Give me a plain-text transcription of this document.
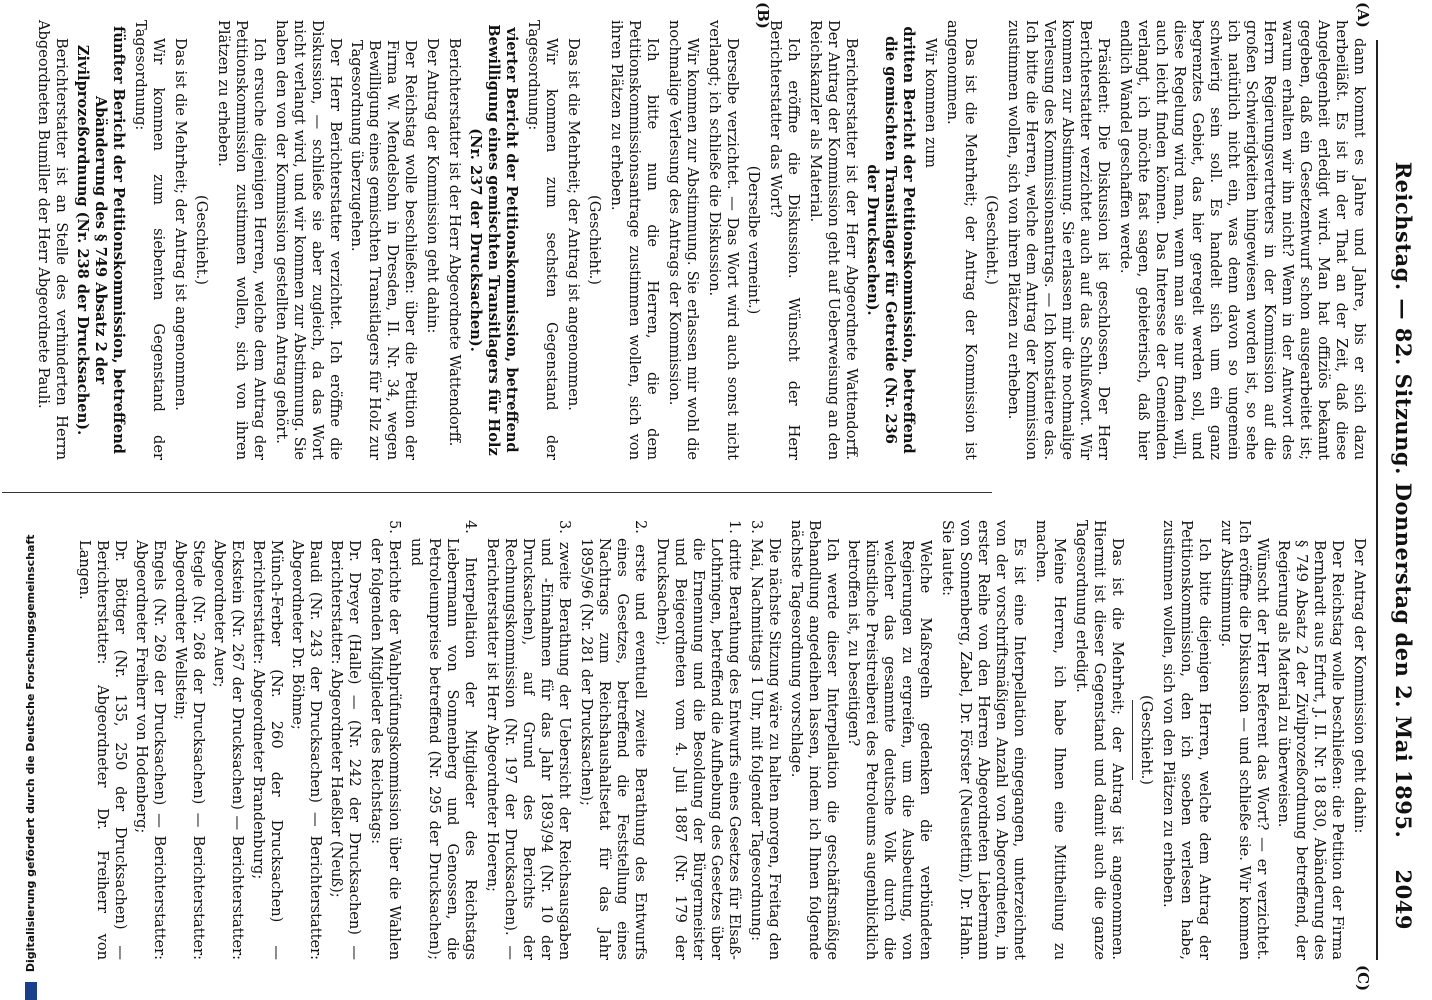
Reichstag. — 82. Sitzung. Donnerstag den 2. Mai 1895.
2049
(A)
(B)
(C)

dann kommt es Jahre und Jahre, bis er sich dazu herbeiläßt. Es ist in der That an der Zeit, daß diese Angelegenheit erledigt wird. Man hat offiziös bekannt gegeben, daß ein Gesetzentwurf schon ausgearbeitet ist; warum erhalten wir ihn nicht? Wenn in der Antwort des Herrn Regierungsvertreters in der Kommission auf die großen Schwierigkeiten hingewiesen worden ist, so sehe ich natürlich nicht ein, was denn davon so ungemein schwierig sein soll. Es handelt sich um ein ganz begrenztes Gebiet, das hier geregelt werden soll, und diese Regelung wird man, wenn man sie nur finden will, auch leicht finden können. Das Interesse der Gemeinden verlangt, ich möchte fast sagen, gebieterisch, daß hier endlich Wandel geschaffen werde.

Präsident: Die Diskussion ist geschlossen. Der Herr Berichterstatter verzichtet auch auf das Schlußwort. Wir kommen zur Abstimmung. Sie erlassen mir die nochmalige Verlesung des Kommissionsantrags. — Ich konstatiere das. Ich bitte die Herren, welche dem Antrag der Kommission zustimmen wollen, sich von ihren Plätzen zu erheben.

(Geschieht.)

Das ist die Mehrheit; der Antrag der Kommission ist angenommen.

Wir kommen zum

dritten Bericht der Petitionskommission, betreffend die gemischten Transitlager für Getreide (Nr. 236 der Drucksachen).

Berichterstatter ist der Herr Abgeordnete Wattendorff. Der Antrag der Kommission geht auf Ueberweisung an den Reichskanzler als Material.

Ich eröffne die Diskussion. Wünscht der Herr Berichterstatter das Wort?

(Derselbe verneint.)

Derselbe verzichtet. — Das Wort wird auch sonst nicht verlangt; ich schließe die Diskussion.

Wir kommen zur Abstimmung. Sie erlassen mir wohl die nochmalige Verlesung des Antrags der Kommission.

Ich bitte nun die Herren, die dem Petitionskommissionsantrage zustimmen wollen, sich von ihren Plätzen zu erheben.

(Geschieht.)

Das ist die Mehrheit; der Antrag ist angenommen.

Wir kommen zum sechsten Gegenstand der Tagesordnung:

vierter Bericht der Petitionskommission, betreffend Bewilligung eines gemischten Transitlagers für Holz (Nr. 237 der Drucksachen).

Berichterstatter ist der Herr Abgeordnete Wattendorff.

Der Antrag der Kommission geht dahin:

Der Reichstag wolle beschließen: über die Petition der Firma W. Mendelsohn in Dresden, II. Nr. 34, wegen Bewilligung eines gemischten Transitlagers für Holz zur Tagesordnung überzugehen.

Der Herr Berichterstatter verzichtet. Ich eröffne die Diskussion, — schließe sie aber zugleich, da das Wort nicht verlangt wird, und wir kommen zur Abstimmung. Sie haben den von der Kommission gestellten Antrag gehört.

Ich ersuche diejenigen Herren, welche dem Antrag der Petitionskommission zustimmen wollen, sich von ihren Plätzen zu erheben.

(Geschieht.)

Das ist die Mehrheit; der Antrag ist angenommen.

Wir kommen zum siebenten Gegenstand der Tagesordnung:

fünfter Bericht der Petitionskommission, betreffend Abänderung des § 749 Absatz 2 der Zivilprozeßordnung (Nr. 238 der Drucksachen).

Berichterstatter ist an Stelle des verhinderten Herrn Abgeordneten Bumiller der Herr Abgeordnete Pauli.

Der Antrag der Kommission geht dahin:

Der Reichstag wolle beschließen: die Petition der Firma Bernhardt aus Erfurt, J. II. Nr. 18 830, Abänderung des § 749 Absatz 2 der Zivilprozeßordnung betreffend, der Regierung als Material zu überweisen.

Wünscht der Herr Referent das Wort? — er verzichtet. Ich eröffne die Diskussion — und schließe sie. Wir kommen zur Abstimmung.

Ich bitte diejenigen Herren, welche dem Antrag der Petitionskommission, den ich soeben verlesen habe, zustimmen wollen, sich von den Plätzen zu erheben.

(Geschieht.)

Das ist die Mehrheit; der Antrag ist angenommen. Hiermit ist dieser Gegenstand und damit auch die ganze Tagesordnung erledigt.

Meine Herren, ich habe Ihnen eine Mittheilung zu machen.

Es ist eine Interpellation eingegangen, unterzeichnet von der vorschriftsmäßigen Anzahl von Abgeordneten, in erster Reihe von den Herren Abgeordneten Liebermann von Sonnenberg, Zabel, Dr. Förster (Neustettin), Dr. Hahn. Sie lautet:

Welche Maßregeln gedenken die verbündeten Regierungen zu ergreifen, um die Ausbeutung, von welcher das gesammte deutsche Volk durch die künstliche Preistreiberei des Petroleums augenblicklich betroffen ist, zu beseitigen?

Ich werde dieser Interpellation die geschäftsmäßige Behandlung angedeihen lassen, indem ich Ihnen folgende nächste Tagesordnung vorschlage.

Die nächste Sitzung wäre zu halten morgen, Freitag den 3. Mai, Nachmittags 1 Uhr, mit folgender Tagesordnung:

1. dritte Berathung des Entwurfs eines Gesetzes für Elsaß-Lothringen, betreffend die Aufhebung des Gesetzes über die Ernennung und die Besoldung der Bürgermeister und Beigeordneten vom 4. Juli 1887 (Nr. 179 der Drucksachen);

2. erste und eventuell zweite Berathung des Entwurfs eines Gesetzes, betreffend die Feststellung eines Nachtrags zum Reichshaushaltsetat für das Jahr 1895/96 (Nr. 281 der Drucksachen);

3. zweite Berathung der Uebersicht der Reichsausgaben und -Einnahmen für das Jahr 1893/94 (Nr. 10 der Drucksachen), auf Grund des Berichts der Rechnungskommission (Nr. 197 der Drucksachen). — Berichterstatter ist Herr Abgeordneter Hoeren;

4. Interpellation der Mitglieder des Reichstags Liebermann von Sonnenberg und Genossen, die Petroleumpreise betreffend (Nr. 295 der Drucksachen); und

5. Berichte der Wahlprüfungskommission über die Wahlen der folgenden Mitglieder des Reichstags:

Dr. Dreyer (Halle) — (Nr. 242 der Drucksachen) — Berichterstatter: Abgeordneter Haeßler (Neuß);

Baudi (Nr. 243 der Drucksachen) — Berichterstatter: Abgeordneter Dr. Böhme;

Münch-Ferber (Nr. 260 der Drucksachen) — Berichterstatter: Abgeordneter Brandenburg;

Eckstein (Nr. 267 der Drucksachen) — Berichterstatter: Abgeordneter Auer;

Stegle (Nr. 268 der Drucksachen) — Berichterstatter: Abgeordneter Wellstein;

Engels (Nr. 269 der Drucksachen) — Berichterstatter: Abgeordneter Freiherr von Hodenberg;

Dr. Böttger (Nr. 135, 250 der Drucksachen) — Berichterstatter: Abgeordneter Dr. Freiherr von Langen.

Digitalisierung gefördert durch die Deutsche Forschungsgemeinschaft
